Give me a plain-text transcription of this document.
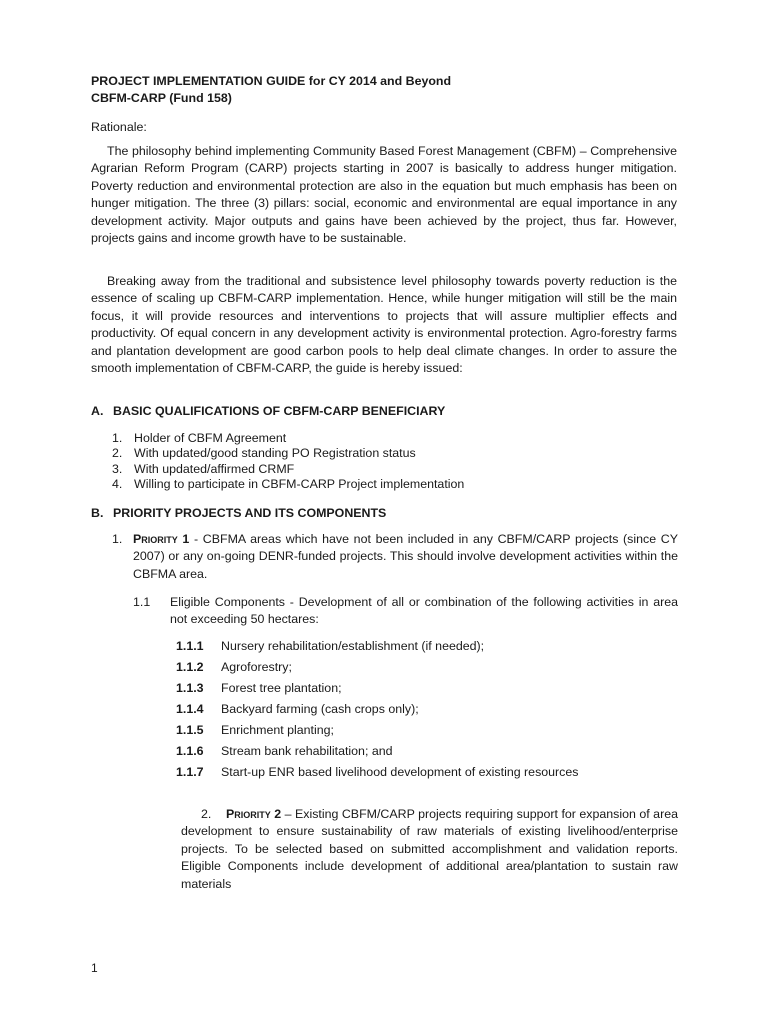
PROJECT IMPLEMENTATION GUIDE for CY 2014 and Beyond
CBFM-CARP (Fund 158)
Rationale:
The philosophy behind implementing Community Based Forest Management (CBFM) – Comprehensive Agrarian Reform Program (CARP) projects starting in 2007 is basically to address hunger mitigation. Poverty reduction and environmental protection are also in the equation but much emphasis has been on hunger mitigation. The three (3) pillars: social, economic and environmental are equal importance in any development activity. Major outputs and gains have been achieved by the project, thus far. However, projects gains and income growth have to be sustainable.
Breaking away from the traditional and subsistence level philosophy towards poverty reduction is the essence of scaling up CBFM-CARP implementation. Hence, while hunger mitigation will still be the main focus, it will provide resources and interventions to projects that will assure multiplier effects and productivity. Of equal concern in any development activity is environmental protection. Agro-forestry farms and plantation development are good carbon pools to help deal climate changes. In order to assure the smooth implementation of CBFM-CARP, the guide is hereby issued:
A. BASIC QUALIFICATIONS OF CBFM-CARP BENEFICIARY
1. Holder of CBFM Agreement
2. With updated/good standing PO Registration status
3. With updated/affirmed CRMF
4. Willing to participate in CBFM-CARP Project implementation
B. PRIORITY PROJECTS AND ITS COMPONENTS
1. Priority 1 - CBFMA areas which have not been included in any CBFM/CARP projects (since CY 2007) or any on-going DENR-funded projects. This should involve development activities within the CBFMA area.
1.1 Eligible Components - Development of all or combination of the following activities in area not exceeding 50 hectares:
1.1.1 Nursery rehabilitation/establishment (if needed);
1.1.2 Agroforestry;
1.1.3 Forest tree plantation;
1.1.4 Backyard farming (cash crops only);
1.1.5 Enrichment planting;
1.1.6 Stream bank rehabilitation; and
1.1.7 Start-up ENR based livelihood development of existing resources
2. Priority 2 – Existing CBFM/CARP projects requiring support for expansion of area development to ensure sustainability of raw materials of existing livelihood/enterprise projects. To be selected based on submitted accomplishment and validation reports. Eligible Components include development of additional area/plantation to sustain raw materials
1
